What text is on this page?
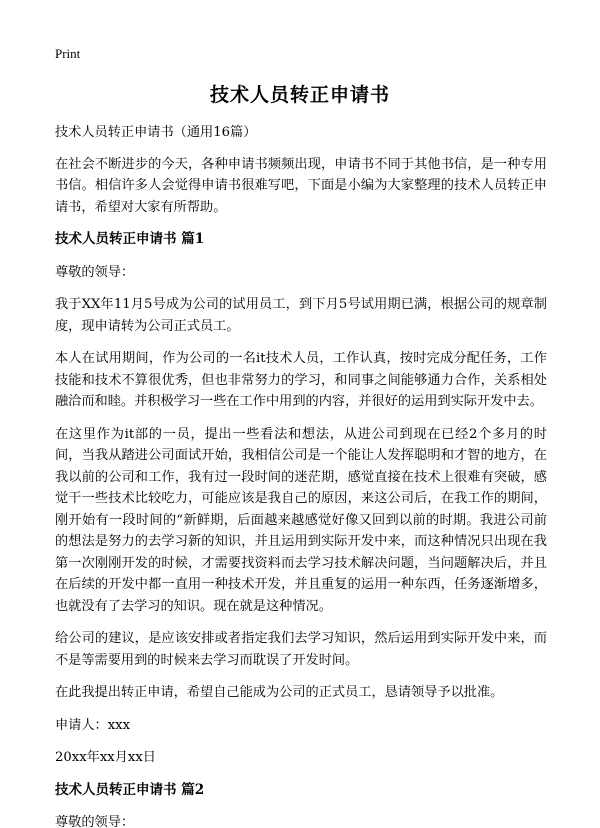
Print
技术人员转正申请书

技术人员转正申请书（通用16篇）

在社会不断进步的今天，各种申请书频频出现，申请书不同于其他书信，是一种专用书信。相信许多人会觉得申请书很难写吧，下面是小编为大家整理的技术人员转正申请书，希望对大家有所帮助。

技术人员转正申请书 篇1

尊敬的领导：

我于XX年11月5号成为公司的试用员工，到下月5号试用期已满，根据公司的规章制度，现申请转为公司正式员工。

本人在试用期间，作为公司的一名it技术人员，工作认真，按时完成分配任务，工作技能和技术不算很优秀，但也非常努力的学习，和同事之间能够通力合作，关系相处融洽而和睦。并积极学习一些在工作中用到的内容，并很好的运用到实际开发中去。

在这里作为it部的一员，提出一些看法和想法，从进公司到现在已经2个多月的时间，当我从踏进公司面试开始，我相信公司是一个能让人发挥聪明和才智的地方，在我以前的公司和工作，我有过一段时间的迷茫期，感觉直接在技术上很难有突破，感觉干一些技术比较吃力，可能应该是我自己的原因，来这公司后，在我工作的期间，刚开始有一段时间的“新鲜期，后面越来越感觉好像又回到以前的时期。我进公司前的想法是努力的去学习新的知识，并且运用到实际开发中来，而这种情况只出现在我第一次刚刚开发的时候，才需要找资料而去学习技术解决问题，当问题解决后，并且在后续的开发中都一直用一种技术开发，并且重复的运用一种东西，任务逐渐增多，也就没有了去学习的知识。现在就是这种情况。

给公司的建议，是应该安排或者指定我们去学习知识，然后运用到实际开发中来，而不是等需要用到的时候来去学习而耽误了开发时间。

在此我提出转正申请，希望自己能成为公司的正式员工，恳请领导予以批准。

申请人：xxx

20xx年xx月xx日

技术人员转正申请书 篇2

尊敬的领导：
